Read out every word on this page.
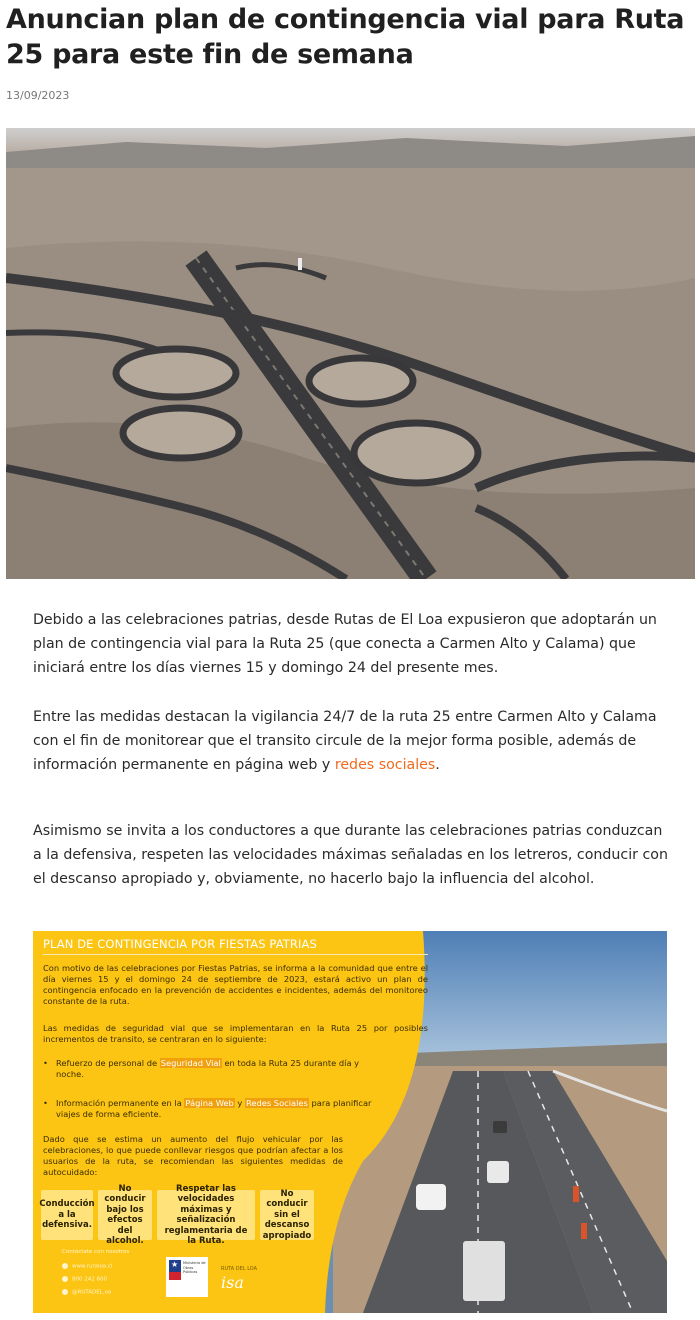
Anuncian plan de contingencia vial para Ruta 25 para este fin de semana
13/09/2023

Debido a las celebraciones patrias, desde Rutas de El Loa expusieron que adoptarán un plan de contingencia vial para la Ruta 25 (que conecta a Carmen Alto y Calama) que iniciará entre los días viernes 15 y domingo 24 del presente mes.

Entre las medidas destacan la vigilancia 24/7 de la ruta 25 entre Carmen Alto y Calama con el fin de monitorear que el transito circule de la mejor forma posible, además de información permanente en página web y redes sociales.

Asimismo se invita a los conductores a que durante las celebraciones patrias conduzcan a la defensiva, respeten las velocidades máximas señaladas en los letreros, conducir con el descanso apropiado y, obviamente, no hacerlo bajo la influencia del alcohol.

PLAN DE CONTINGENCIA POR FIESTAS PATRIAS
Con motivo de las celebraciones por Fiestas Patrias, se informa a la comunidad que entre el día viernes 15 y el domingo 24 de septiembre de 2023, estará activo un plan de contingencia enfocado en la prevención de accidentes e incidentes, además del monitoreo constante de la ruta.
Las medidas de seguridad vial que se implementaran en la Ruta 25 por posibles incrementos de transito, se centraran en lo siguiente:
• Refuerzo de personal de Seguridad Vial en toda la Ruta 25 durante día y noche.
• Información permanente en la Página Web y Redes Sociales para planificar viajes de forma eficiente.
Dado que se estima un aumento del flujo vehicular por las celebraciones, lo que puede conllevar riesgos que podrían afectar a los usuarios de la ruta, se recomiendan las siguientes medidas de autocuidado:
Conducción a la defensiva.
No conducir bajo los efectos del alcohol.
Respetar las velocidades máximas y señalización reglamentaria de la Ruta.
No conducir sin el descanso apropiado
Contáctate con nosotros
www.rutaloa.cl
800 242 600
@RUTADEL.oa
★ Ministerio de Obras Públicas	RUTA DEL LOA
isa
